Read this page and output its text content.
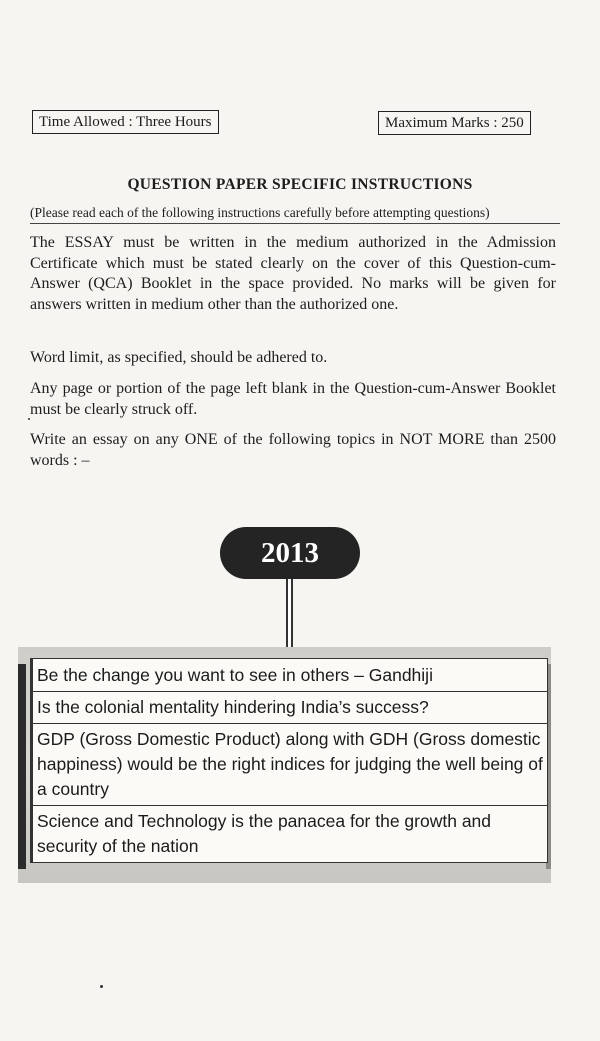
Time Allowed : Three Hours	Maximum Marks : 250
QUESTION PAPER SPECIFIC INSTRUCTIONS
(Please read each of the following instructions carefully before attempting questions)
The ESSAY must be written in the medium authorized in the Admission Certificate which must be stated clearly on the cover of this Question-cum-Answer (QCA) Booklet in the space provided. No marks will be given for answers written in medium other than the authorized one.
Word limit, as specified, should be adhered to.
Any page or portion of the page left blank in the Question-cum-Answer Booklet must be clearly struck off.
Write an essay on any ONE of the following topics in NOT MORE than 2500 words : –
2013
Be the change you want to see in others – Gandhiji
Is the colonial mentality hindering India’s success?
GDP (Gross Domestic Product) along with GDH (Gross domestic happiness) would be the right indices for judging the well being of a country
Science and Technology is the panacea for the growth and security of the nation
